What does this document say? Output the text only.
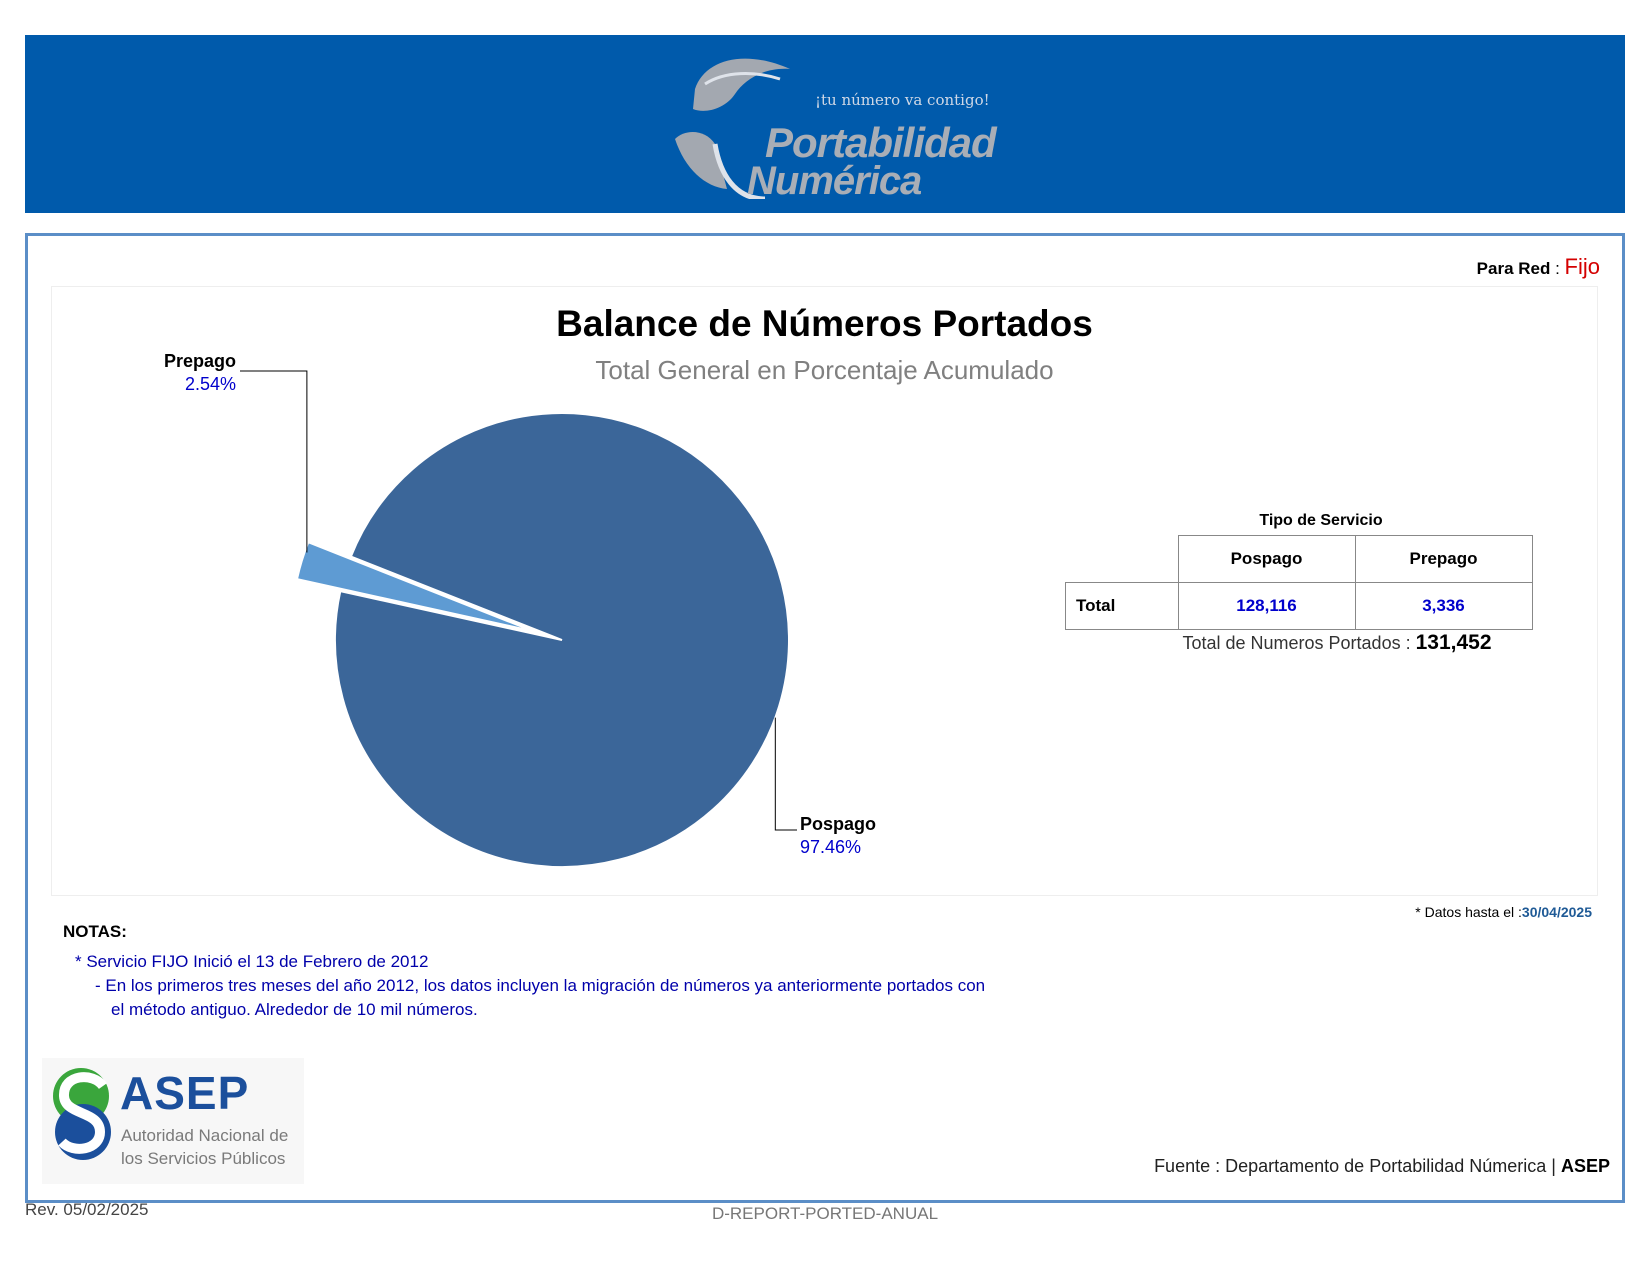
¡tu número va contigo!
Portabilidad
Numérica
Para Red : Fijo
Balance de Números Portados
Total General en Porcentaje Acumulado
Prepago
2.54%
Pospago
97.46%
Tipo de Servicio
	Pospago	Prepago
Total	128,116	3,336
Total de Numeros Portados : 131,452
* Datos hasta el :30/04/2025
NOTAS:
* Servicio FIJO Inició el 13 de Febrero de 2012
- En los primeros tres meses del año 2012, los datos incluyen la migración de números ya anteriormente portados con
el método antiguo. Alrededor de 10 mil números.
ASEP
Autoridad Nacional de
los Servicios Públicos	Fuente : Departamento de Portabilidad Númerica | ASEP
Rev. 05/02/2025	D-REPORT-PORTED-ANUAL
